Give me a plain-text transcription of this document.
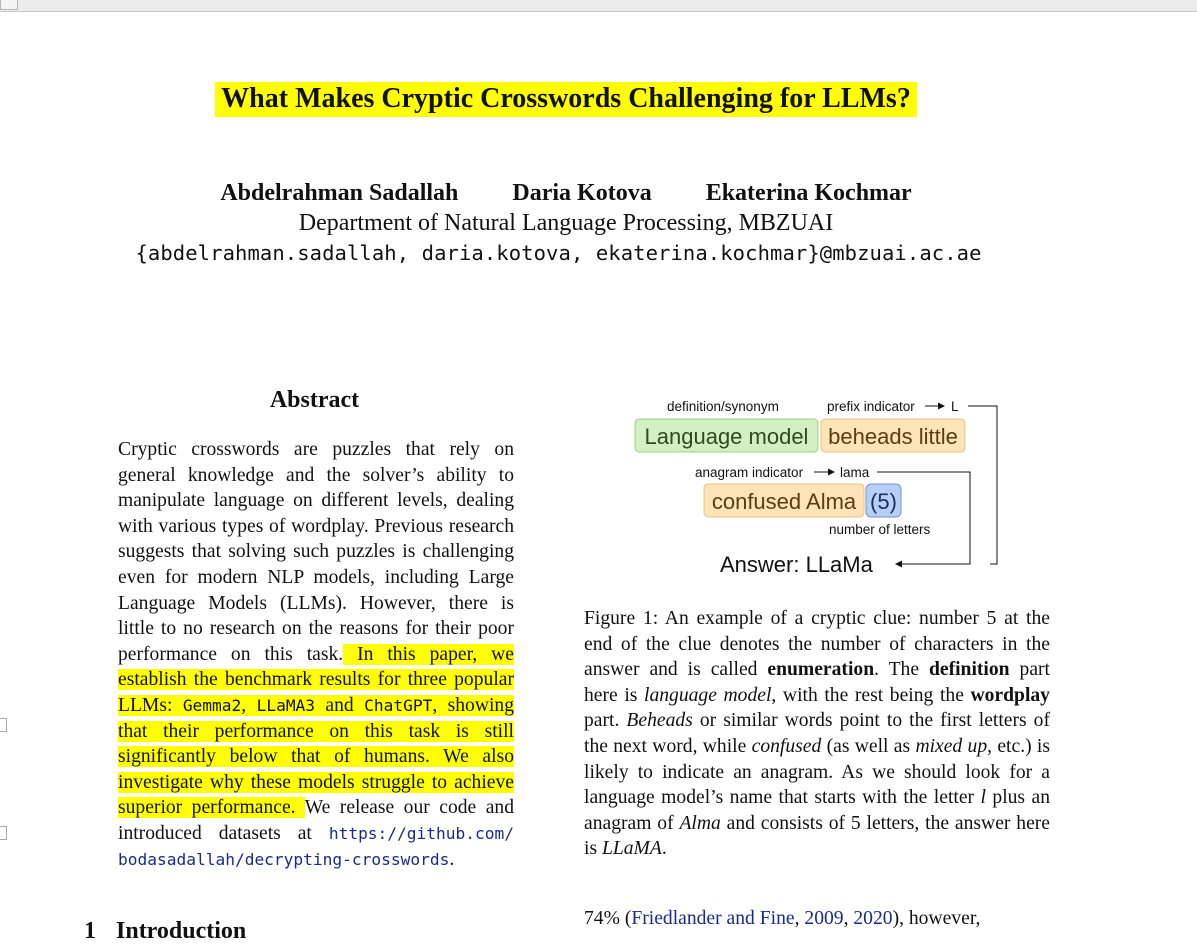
What Makes Cryptic Crosswords Challenging for LLMs?
Abdelrahman Sadallah Daria Kotova Ekaterina Kochmar
Department of Natural Language Processing, MBZUAI
{abdelrahman.sadallah, daria.kotova, ekaterina.kochmar}@mbzuai.ac.ae
Abstract
Cryptic crosswords are puzzles that rely on general knowledge and the solver’s ability to manipulate language on different levels, dealing with various types of wordplay. Previous research suggests that solving such puzzles is challenging even for modern NLP models, including Large Language Models (LLMs). However, there is little to no research on the reasons for their poor performance on this task. In this paper, we establish the benchmark results for three popular LLMs: Gemma2, LLaMA3 and ChatGPT, showing that their performance on this task is still significantly below that of humans. We also investigate why these models struggle to achieve superior performance. We release our code and introduced datasets at https://github.com/ bodasadallah/decrypting-crosswords.
1 Introduction
definition/synonym	prefix indicator	L
Language model beheads little
anagram indicator	lama
confused Alma (5)
number of letters
Answer: LLaMa
Figure 1: An example of a cryptic clue: number 5 at the end of the clue denotes the number of characters in the answer and is called enumeration. The definition part here is language model, with the rest being the wordplay part. Beheads or similar words point to the first letters of the next word, while confused (as well as mixed up, etc.) is likely to indicate an anagram. As we should look for a language model’s name that starts with the letter l plus an anagram of Alma and consists of 5 letters, the answer here is LLaMA.
74% (Friedlander and Fine, 2009, 2020), however,
